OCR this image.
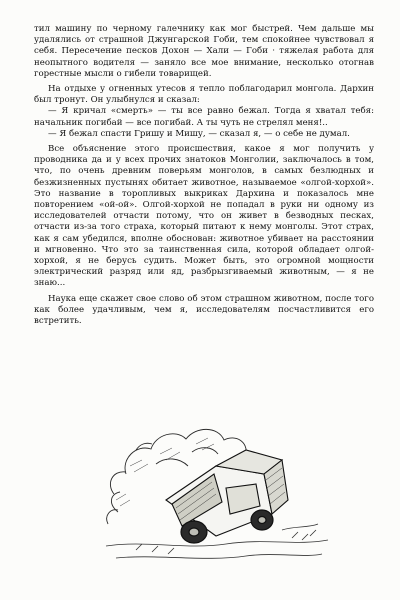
тил машину по черному галечнику как мог быстрей. Чем дальше мы удалялись от страшной Джунгарской Гоби, тем спокойнее чувствовал я себя. Пересечение песков Дохон — Хали — Гоби · тяжелая работа для неопытного водителя — заняло все мое внимание, несколько отогнав горестные мысли о гибели товарищей.

На отдыхе у огненных утесов я тепло поблагодарил монгола. Дархин был тронут. Он улыбнулся и сказал:

— Я кричал «смерть» — ты все равно бежал. Тогда я хватал тебя: начальник погибай — все погибай. А ты чуть не стрелял меня!..

— Я бежал спасти Гришу и Мишу, — сказал я, — о себе не думал.

Все объяснение этого происшествия, какое я мог получить у проводника да и у всех прочих знатоков Монголии, заключалось в том, что, по очень древним поверьям монголов, в самых безлюдных и безжизненных пустынях обитает животное, называемое «олгой-хорхой». Это название в торопливых выкриках Дархина и показалось мне повторением «ой-ой». Олгой-хорхой не попадал в руки ни одному из исследователей отчасти потому, что он живет в безводных песках, отчасти из-за того страха, который питают к нему монголы. Этот страх, как я сам убедился, вполне обоснован: животное убивает на расстоянии и мгновенно. Что это за таинственная сила, которой обладает олгой-хорхой, я не берусь судить. Может быть, это огромной мощности электрический разряд или яд, разбрызгиваемый животным, — я не знаю...

Наука еще скажет свое слово об этом страшном животном, после того как более удачливым, чем я, исследователям посчастливится его встретить.
